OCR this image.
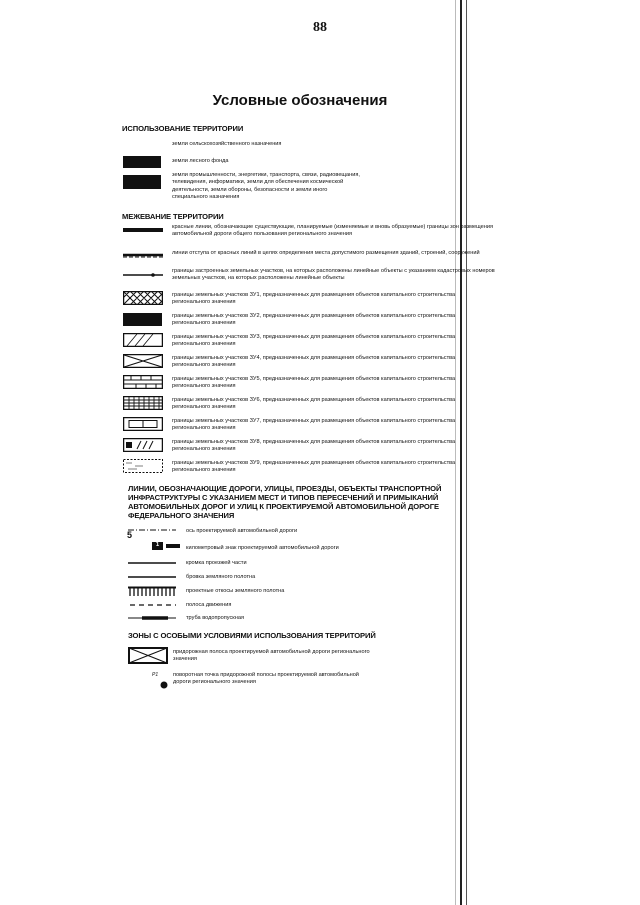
88
Условные обозначения
ИСПОЛЬЗОВАНИЕ ТЕРРИТОРИИ
земли сельскохозяйственного назначения
земли лесного фонда
земли промышленности, энергетики, транспорта, связи, радиовещания, телевидения, информатики, земли для обеспечения космической деятельности, земли обороны, безопасности и земли иного специального назначения
МЕЖЕВАНИЕ ТЕРРИТОРИИ
красные линии, обозначающие существующие, планируемые (изменяемые и вновь образуемые) границы зон размещения автомобильной дороги общего пользования регионального значения
линии отступа от красных линий в целях определения места допустимого размещения зданий, строений, сооружений
границы застроенных земельных участков, на которых расположены линейные объекты с указанием кадастровых номеров земельных участков, на которых расположены линейные объекты
границы земельных участков ЗУ1, предназначенных для размещения объектов капитального строительства регионального значения
границы земельных участков ЗУ2, предназначенных для размещения объектов капитального строительства регионального значения
границы земельных участков ЗУ3, предназначенных для размещения объектов капитального строительства регионального значения
границы земельных участков ЗУ4, предназначенных для размещения объектов капитального строительства регионального значения
границы земельных участков ЗУ5, предназначенных для размещения объектов капитального строительства регионального значения
границы земельных участков ЗУ6, предназначенных для размещения объектов капитального строительства регионального значения
границы земельных участков ЗУ7, предназначенных для размещения объектов капитального строительства регионального значения
границы земельных участков ЗУ8, предназначенных для размещения объектов капитального строительства регионального значения
границы земельных участков ЗУ9, предназначенных для размещения объектов капитального строительства регионального значения
ЛИНИИ, ОБОЗНАЧАЮЩИЕ ДОРОГИ, УЛИЦЫ, ПРОЕЗДЫ, ОБЪЕКТЫ ТРАНСПОРТНОЙ ИНФРАСТРУКТУРЫ С УКАЗАНИЕМ МЕСТ И ТИПОВ ПЕРЕСЕЧЕНИЙ И ПРИМЫКАНИЙ АВТОМОБИЛЬНЫХ ДОРОГ И УЛИЦ К ПРОЕКТИРУЕМОЙ АВТОМОБИЛЬНОЙ ДОРОГЕ ФЕДЕРАЛЬНОГО ЗНАЧЕНИЯ
5	ось проектируемой автомобильной дороги
1	километровый знак проектируемой автомобильной дороги
кромка проезжей части
бровка земляного полотна
проектные откосы земляного полотна
полоса движения
труба водопропускная
ЗОНЫ С ОСОБЫМИ УСЛОВИЯМИ ИСПОЛЬЗОВАНИЯ ТЕРРИТОРИЙ
придорожная полоса проектируемой автомобильной дороги регионального значения
Р1	поворотная точка придорожной полосы проектируемой автомобильной дороги регионального значения
